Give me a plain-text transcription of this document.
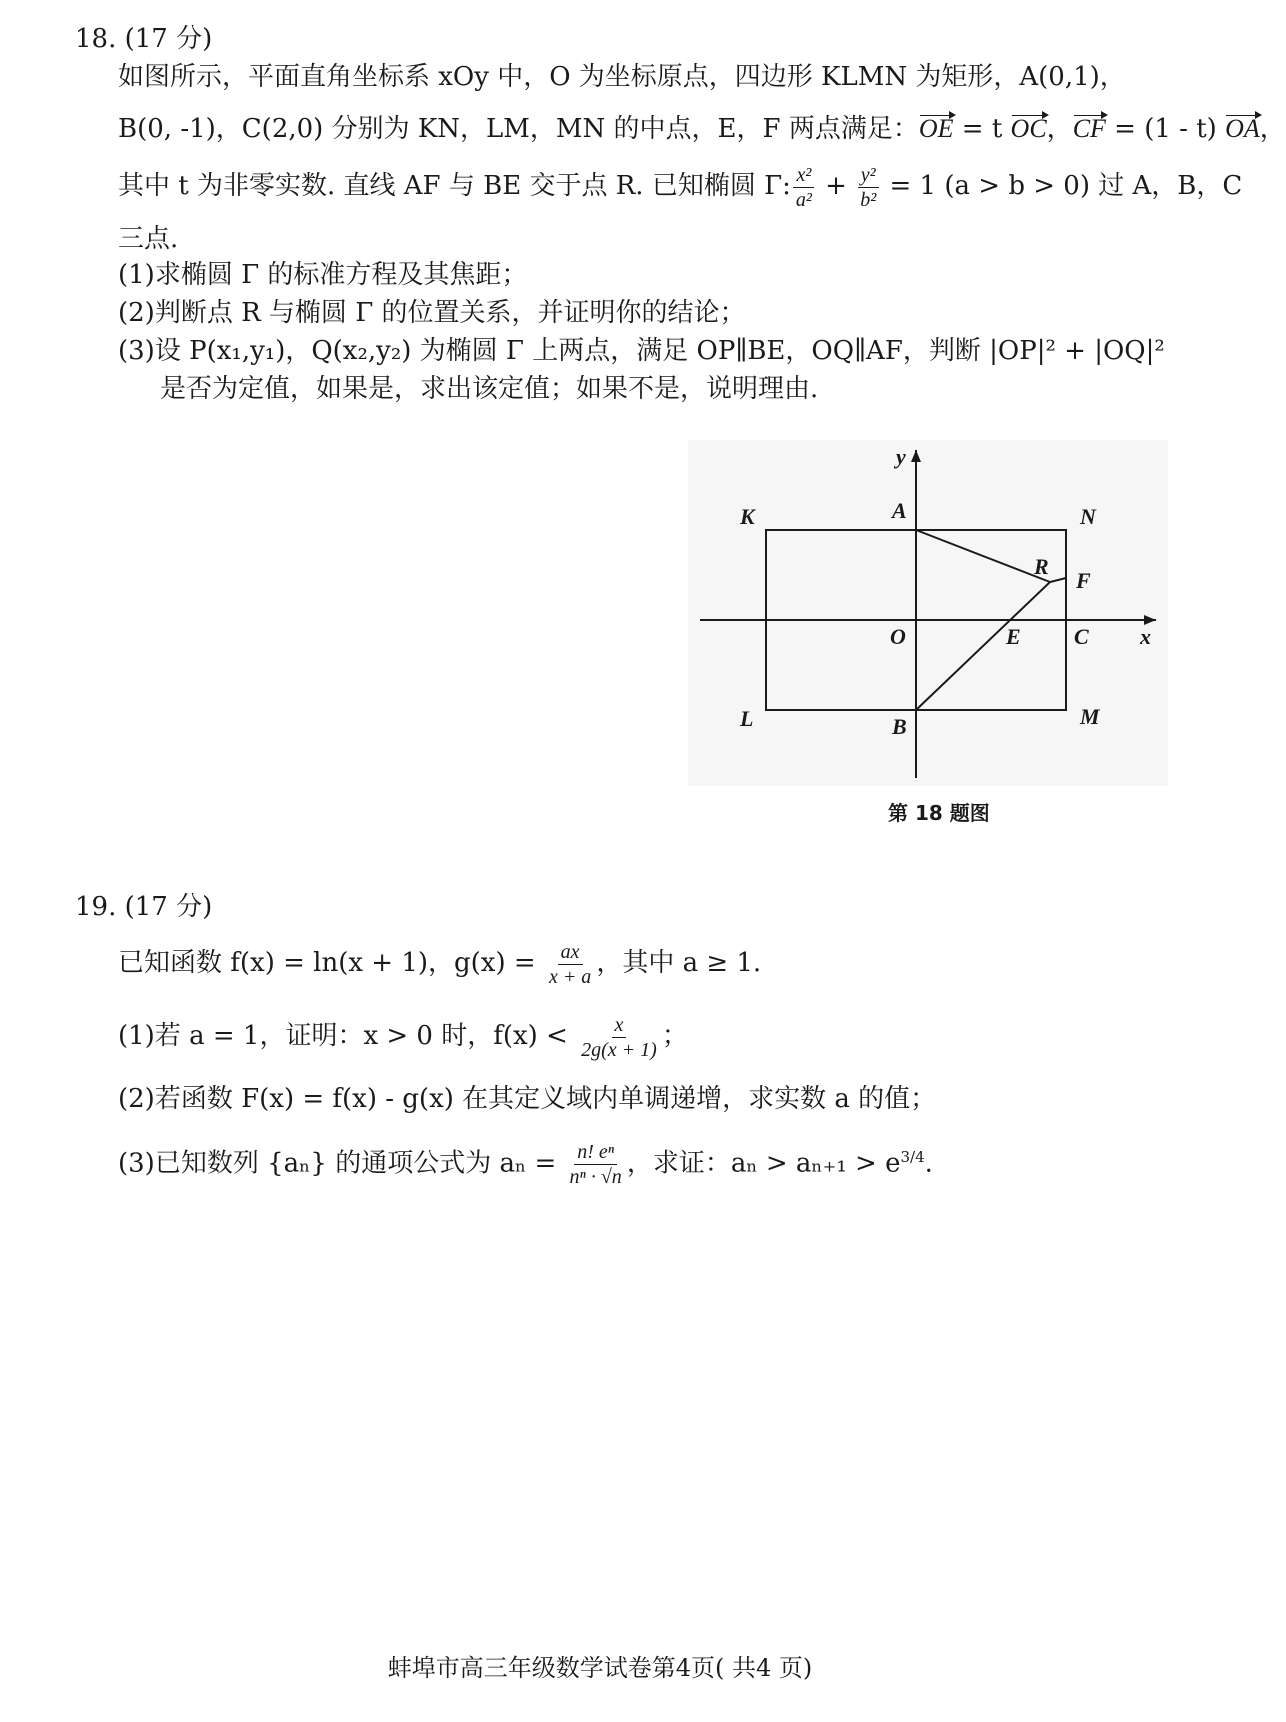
18. (17 分)
如图所示，平面直角坐标系 xOy 中，O 为坐标原点，四边形 KLMN 为矩形，A(0,1)，
B(0, -1)，C(2,0) 分别为 KN，LM，MN 的中点，E，F 两点满足：OE = t OC，CF = (1 - t) OA，
其中 t 为非零实数. 直线 AF 与 BE 交于点 R. 已知椭圆 Γ: $\frac{\text{x²}}{\text{a²}} + \frac{\text{y²}}{\text{b²}} = 1$ (a > b > 0) 过 A，B，C
三点.
(1)求椭圆 Γ 的标准方程及其焦距；
(2)判断点 R 与椭圆 Γ 的位置关系，并证明你的结论；
(3)设 P(x₁,y₁)，Q(x₂,y₂) 为椭圆 Γ 上两点，满足 OP∥BE，OQ∥AF，判断 |OP|² + |OQ|²
是否为定值，如果是，求出该定值；如果不是，说明理由.
y
x
K	N
A
R
F
O	E C
L	B	M
第 18 题图
19. (17 分)
已知函数 f(x) = ln(x + 1)，$g(x) = \frac{ax}{x + a}$ ，其中 a ≥ 1.
(1)若 a = 1，证明：x > 0 时，$f(x) < \frac{x}{2g(x + 1)}$ ；
(2)若函数 F(x) = f(x) - g(x) 在其定义域内单调递增，求实数 a 的值；
(3)已知数列 {aₙ} 的通项公式为 $a_n = \frac{\text{n! eⁿ}}{\text{nⁿ · √n}}$ ，求证：$a_n > a_{n+1} > e^{3/4}$.
蚌埠市高三年级数学试卷第4页( 共4 页)
